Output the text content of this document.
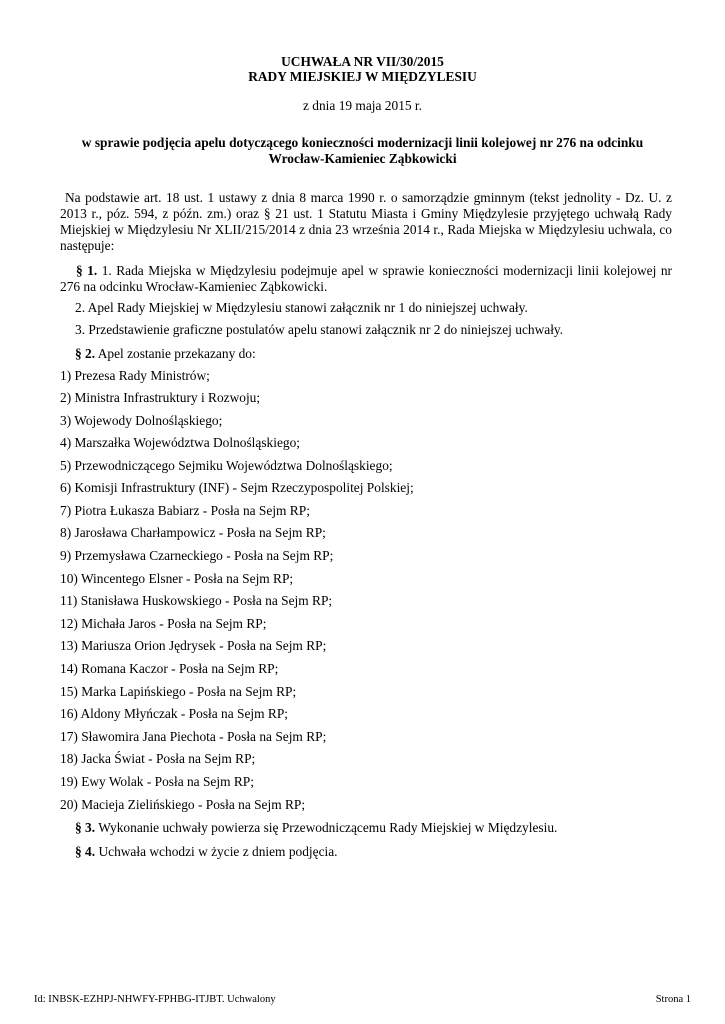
UCHWAŁA NR VII/30/2015
RADY MIEJSKIEJ W MIĘDZYLESIU
z dnia 19 maja 2015 r.
w sprawie podjęcia apelu dotyczącego konieczności modernizacji linii kolejowej nr 276 na odcinku
Wrocław-Kamieniec Ząbkowicki
Na podstawie art. 18 ust. 1 ustawy z dnia 8 marca 1990 r. o samorządzie gminnym (tekst jednolity - Dz. U. z 2013 r., póz. 594, z późn. zm.) oraz § 21 ust. 1 Statutu Miasta i Gminy Międzylesie przyjętego uchwałą Rady Miejskiej w Międzylesiu Nr XLII/215/2014 z dnia 23 września 2014 r., Rada Miejska w Międzylesiu uchwala, co następuje:
§ 1. 1. Rada Miejska w Międzylesiu podejmuje apel w sprawie konieczności modernizacji linii kolejowej nr 276 na odcinku Wrocław-Kamieniec Ząbkowicki.
2. Apel Rady Miejskiej w Międzylesiu stanowi załącznik nr 1 do niniejszej uchwały.
3. Przedstawienie graficzne postulatów apelu stanowi załącznik nr 2 do niniejszej uchwały.
§ 2. Apel zostanie przekazany do:
1) Prezesa Rady Ministrów;
2) Ministra Infrastruktury i Rozwoju;
3) Wojewody Dolnośląskiego;
4) Marszałka Województwa Dolnośląskiego;
5) Przewodniczącego Sejmiku Województwa Dolnośląskiego;
6) Komisji Infrastruktury (INF) - Sejm Rzeczypospolitej Polskiej;
7) Piotra Łukasza Babiarz - Posła na Sejm RP;
8) Jarosława Charłampowicz - Posła na Sejm RP;
9) Przemysława Czarneckiego - Posła na Sejm RP;
10) Wincentego Elsner - Posła na Sejm RP;
11) Stanisława Huskowskiego - Posła na Sejm RP;
12) Michała Jaros - Posła na Sejm RP;
13) Mariusza Orion Jędrysek - Posła na Sejm RP;
14) Romana Kaczor - Posła na Sejm RP;
15) Marka Lapińskiego - Posła na Sejm RP;
16) Aldony Młyńczak - Posła na Sejm RP;
17) Sławomira Jana Piechota - Posła na Sejm RP;
18) Jacka Świat - Posła na Sejm RP;
19) Ewy Wolak - Posła na Sejm RP;
20) Macieja Zielińskiego - Posła na Sejm RP;
§ 3. Wykonanie uchwały powierza się Przewodniczącemu Rady Miejskiej w Międzylesiu.
§ 4. Uchwała wchodzi w życie z dniem podjęcia.
Id: INBSK-EZHPJ-NHWFY-FPHBG-ITJBT. Uchwalony	Strona 1
